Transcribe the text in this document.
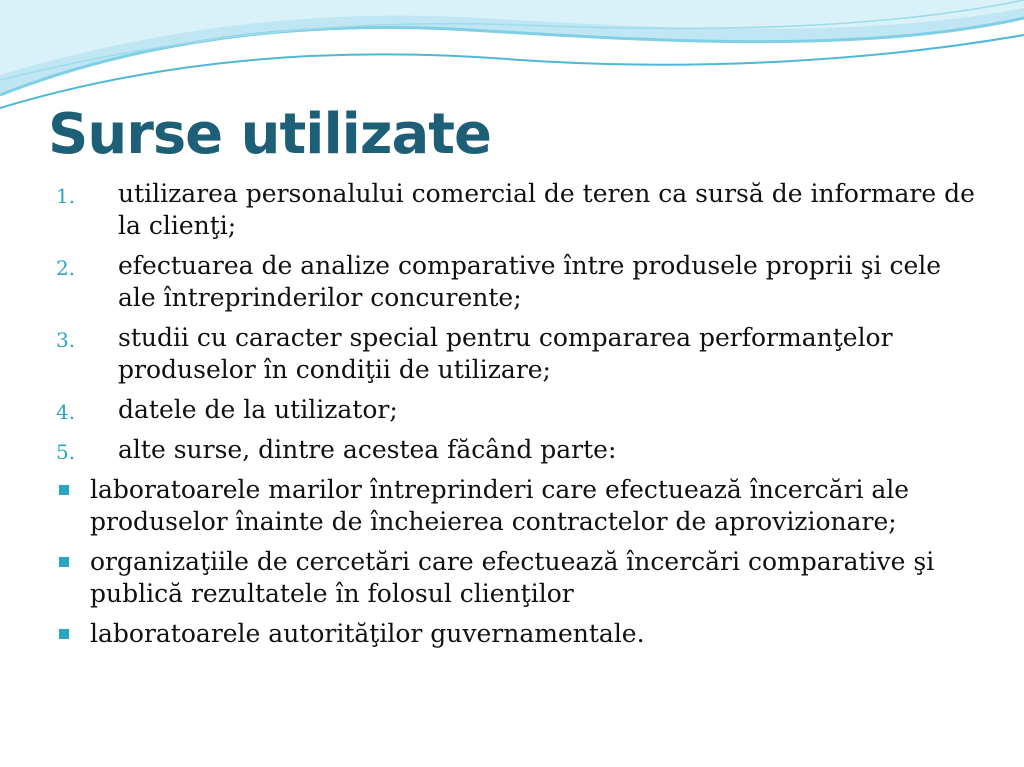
Surse utilizate
1. utilizarea personalului comercial de teren ca sursă de informare de la clienţi;
2. efectuarea de analize comparative între produsele proprii şi cele ale întreprinderilor concurente;
3. studii cu caracter special pentru compararea performanţelor produselor în condiţii de utilizare;
4. datele de la utilizator;
5. alte surse, dintre acestea făcând parte:
laboratoarele marilor întreprinderi care efectuează încercări ale produselor înainte de încheierea contractelor de aprovizionare;
organizaţiile de cercetări care efectuează încercări comparative şi publică rezultatele în folosul clienţilor
laboratoarele autorităţilor guvernamentale.
